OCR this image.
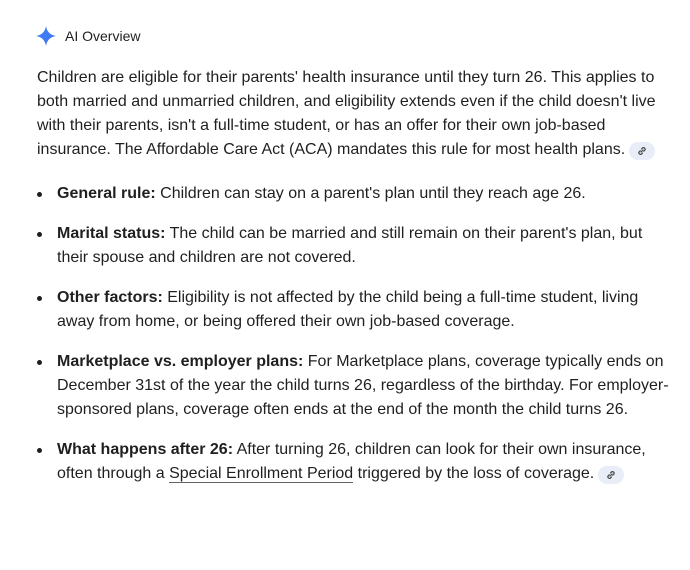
AI Overview
Children are eligible for their parents' health insurance until they turn 26. This applies to both married and unmarried children, and eligibility extends even if the child doesn't live with their parents, isn't a full-time student, or has an offer for their own job-based insurance. The Affordable Care Act (ACA) mandates this rule for most health plans.
General rule: Children can stay on a parent's plan until they reach age 26.
Marital status: The child can be married and still remain on their parent's plan, but their spouse and children are not covered.
Other factors: Eligibility is not affected by the child being a full-time student, living away from home, or being offered their own job-based coverage.
Marketplace vs. employer plans: For Marketplace plans, coverage typically ends on December 31st of the year the child turns 26, regardless of the birthday. For employer-sponsored plans, coverage often ends at the end of the month the child turns 26.
What happens after 26: After turning 26, children can look for their own insurance, often through a Special Enrollment Period triggered by the loss of coverage.
